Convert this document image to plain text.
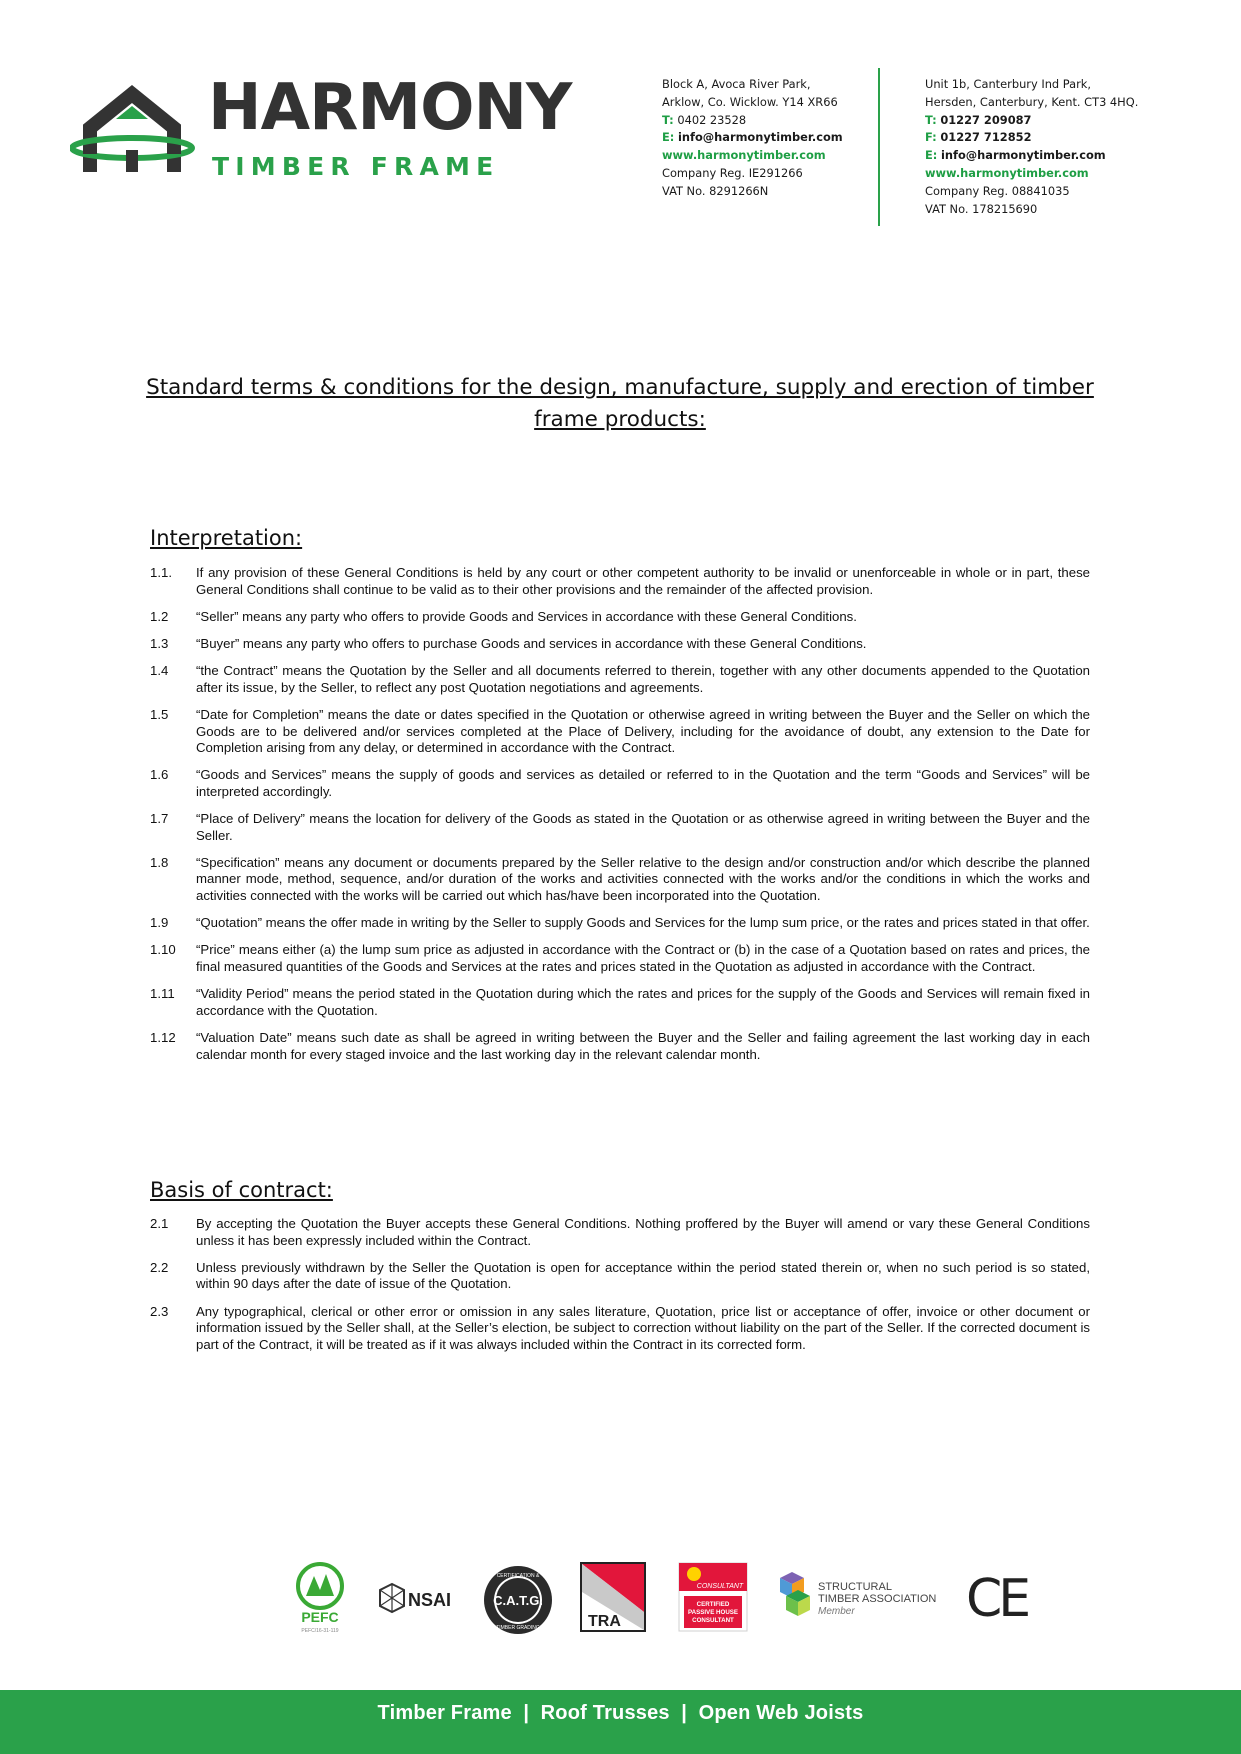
HARMONY
TIMBER FRAME
Block A, Avoca River Park,
Arklow, Co. Wicklow. Y14 XR66
T: 0402 23528
E: info@harmonytimber.com
www.harmonytimber.com
Company Reg. IE291266
VAT No. 8291266N
Unit 1b, Canterbury Ind Park,
Hersden, Canterbury, Kent. CT3 4HQ.
T: 01227 209087
F: 01227 712852
E: info@harmonytimber.com
www.harmonytimber.com
Company Reg. 08841035
VAT No. 178215690
Standard terms & conditions for the design, manufacture, supply and erection of timber
frame products:
Interpretation:
1.1.	If any provision of these General Conditions is held by any court or other competent authority to be invalid or unenforceable in whole or in part, these General Conditions shall continue to be valid as to their other provisions and the remainder of the affected provision.
1.2	“Seller” means any party who offers to provide Goods and Services in accordance with these General Conditions.
1.3	“Buyer” means any party who offers to purchase Goods and services in accordance with these General Conditions.
1.4	“the Contract” means the Quotation by the Seller and all documents referred to therein, together with any other documents appended to the Quotation after its issue, by the Seller, to reflect any post Quotation negotiations and agreements.
1.5	“Date for Completion” means the date or dates specified in the Quotation or otherwise agreed in writing between the Buyer and the Seller on which the Goods are to be delivered and/or services completed at the Place of Delivery, including for the avoidance of doubt, any extension to the Date for Completion arising from any delay, or determined in accordance with the Contract.
1.6	“Goods and Services” means the supply of goods and services as detailed or referred to in the Quotation and the term “Goods and Services” will be interpreted accordingly.
1.7	“Place of Delivery” means the location for delivery of the Goods as stated in the Quotation or as otherwise agreed in writing between the Buyer and the Seller.
1.8	“Specification” means any document or documents prepared by the Seller relative to the design and/or construction and/or which describe the planned manner mode, method, sequence, and/or duration of the works and activities connected with the works and/or the conditions in which the works and activities connected with the works will be carried out which has/have been incorporated into the Quotation.
1.9	“Quotation” means the offer made in writing by the Seller to supply Goods and Services for the lump sum price, or the rates and prices stated in that offer.
1.10	“Price” means either (a) the lump sum price as adjusted in accordance with the Contract or (b) in the case of a Quotation based on rates and prices, the final measured quantities of the Goods and Services at the rates and prices stated in the Quotation as adjusted in accordance with the Contract.
1.11	“Validity Period” means the period stated in the Quotation during which the rates and prices for the supply of the Goods and Services will remain fixed in accordance with the Quotation.
1.12	“Valuation Date” means such date as shall be agreed in writing between the Buyer and the Seller and failing agreement the last working day in each calendar month for every staged invoice and the last working day in the relevant calendar month.
Basis of contract:
2.1	By accepting the Quotation the Buyer accepts these General Conditions. Nothing proffered by the Buyer will amend or vary these General Conditions unless it has been expressly included within the Contract.
2.2	Unless previously withdrawn by the Seller the Quotation is open for acceptance within the period stated therein or, when no such period is so stated, within 90 days after the date of issue of the Quotation.
2.3	Any typographical, clerical or other error or omission in any sales literature, Quotation, price list or acceptance of offer, invoice or other document or information issued by the Seller shall, at the Seller’s election, be subject to correction without liability on the part of the Seller. If the corrected document is part of the Contract, it will be treated as if it was always included within the Contract in its corrected form.
PEFC
PEFC/16-31-119
NSAI
CERTIFICATION &
C.A.T.G.
TIMBER GRADING	TRA
CONSULTANT
CERTIFIED
PASSIVE HOUSE
CONSULTANT
STRUCTURAL
TIMBER ASSOCIATION
Member CE
Timber Frame  |  Roof Trusses  |  Open Web Joists
